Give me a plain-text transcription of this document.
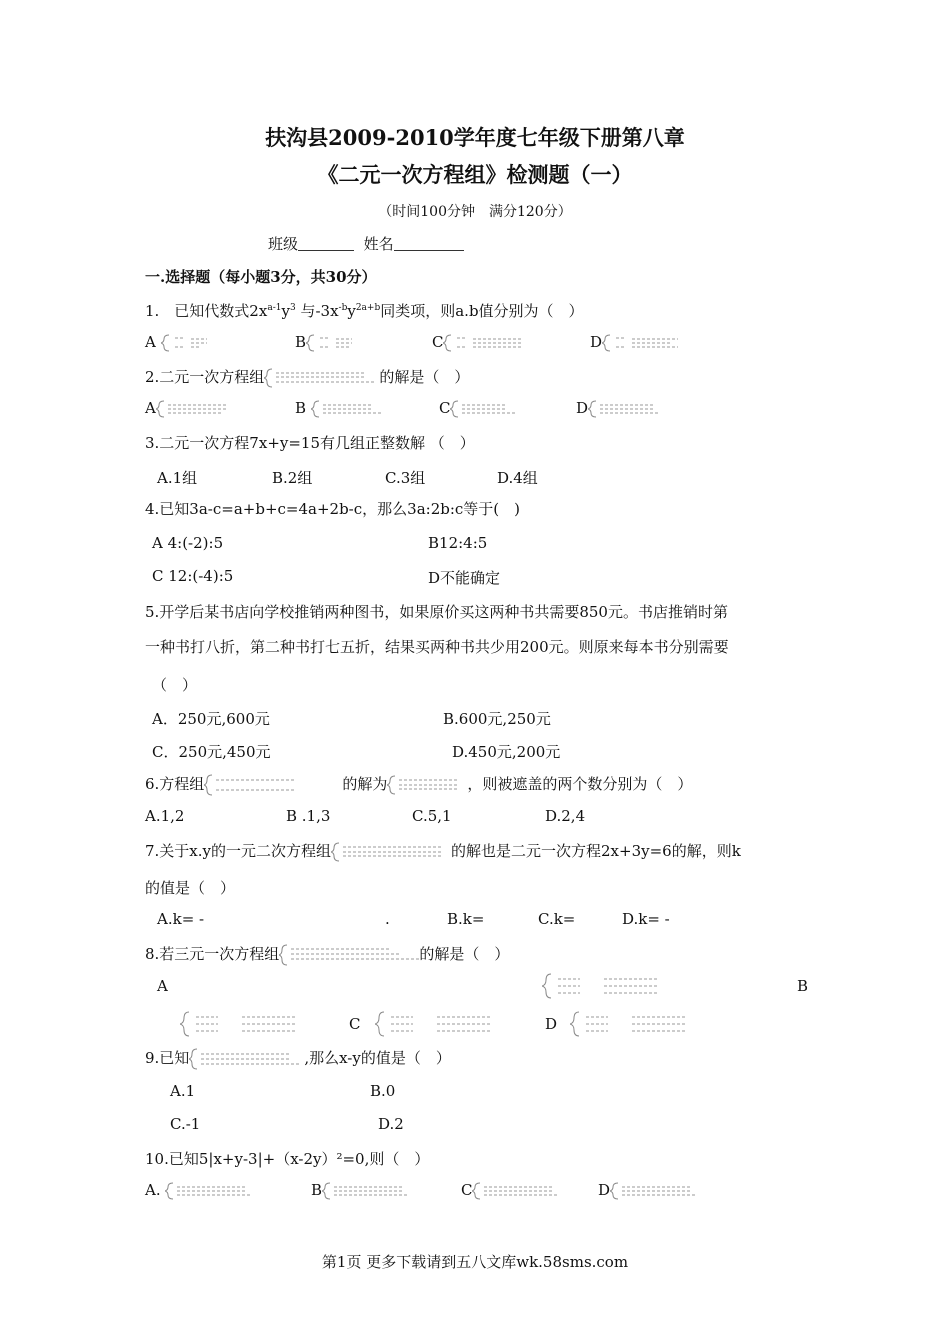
扶沟县2009-2010学年度七年级下册第八章
《二元一次方程组》检测题（一）
（时间100分钟　满分120分）
班级	姓名
一.选择题（每小题3分，共30分）
1.　已知代数式$2x^{a-1}y^3$ 与$-3x^{-b}y^{2a+b}$同类项，则a.b值分别为（　）
A	B	C	D
2.二元一次方程组	的解是（　）
A	B	C	D
3.二元一次方程7x+y=15有几组正整数解 （　）
A.1组	B.2组	C.3组	D.4组
4.已知3a-c=a+b+c=4a+2b-c，那么3a:2b:c等于(　)
A 4:(-2):5	B12:4:5
C 12:(-4):5	D不能确定
5.开学后某书店向学校推销两种图书，如果原价买这两种书共需要850元。书店推销时第
一种书打八折，第二种书打七五折，结果买两种书共少用200元。则原来每本书分别需要
（　）
A．250元,600元	B.600元,250元
C．250元,450元	D.450元,200元
6.方程组	的解为	，则被遮盖的两个数分别为（　）
A.1,2	B .1,3	C.5,1	D.2,4
7.关于x.y的一元二次方程组	的解也是二元一次方程2x+3y=6的解，则k
的值是（　）
A.k= -	.	B.k=	C.k=	D.k= -
8.若三元一次方程组	的解是（　）
A	B
C	D
9.已知	,那么x-y的值是（　）
A.1	B.0
C.-1	D.2
10.已知5|x+y-3|+（x-2y）²=0,则（　）
A.	B	C	D
第1页 更多下载请到五八文库wk.58sms.com
